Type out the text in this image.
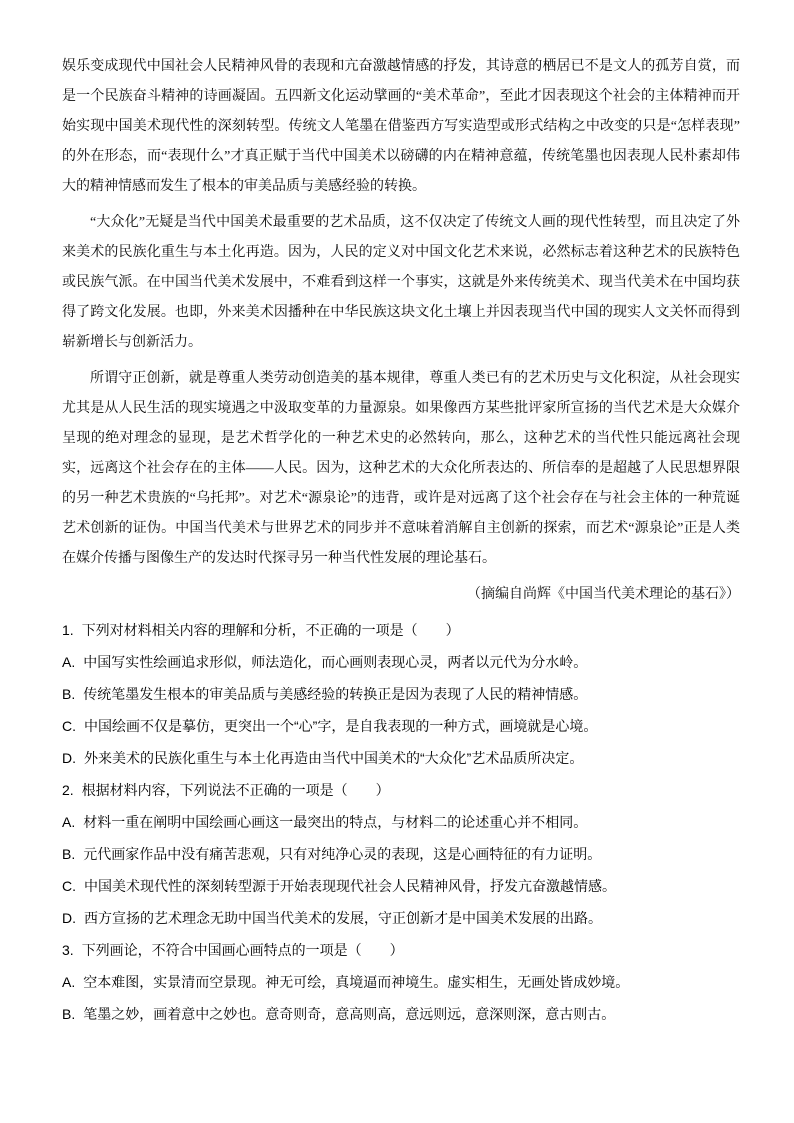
娱乐变成现代中国社会人民精神风骨的表现和亢奋激越情感的抒发，其诗意的栖居已不是文人的孤芳自赏，而是一个民族奋斗精神的诗画凝固。五四新文化运动擘画的“美术革命”，至此才因表现这个社会的主体精神而开始实现中国美术现代性的深刻转型。传统文人笔墨在借鉴西方写实造型或形式结构之中改变的只是“怎样表现”的外在形态，而“表现什么”才真正赋于当代中国美术以磅礴的内在精神意蕴，传统笔墨也因表现人民朴素却伟大的精神情感而发生了根本的审美品质与美感经验的转换。

“大众化”无疑是当代中国美术最重要的艺术品质，这不仅决定了传统文人画的现代性转型，而且决定了外来美术的民族化重生与本土化再造。因为，人民的定义对中国文化艺术来说，必然标志着这种艺术的民族特色或民族气派。在中国当代美术发展中，不难看到这样一个事实，这就是外来传统美术、现当代美术在中国均获得了跨文化发展。也即，外来美术因播种在中华民族这块文化土壤上并因表现当代中国的现实人文关怀而得到崭新增长与创新活力。

所谓守正创新，就是尊重人类劳动创造美的基本规律，尊重人类已有的艺术历史与文化积淀，从社会现实尤其是从人民生活的现实境遇之中汲取变革的力量源泉。如果像西方某些批评家所宣扬的当代艺术是大众媒介呈现的绝对理念的显现，是艺术哲学化的一种艺术史的必然转向，那么，这种艺术的当代性只能远离社会现实，远离这个社会存在的主体——人民。因为，这种艺术的大众化所表达的、所信奉的是超越了人民思想界限的另一种艺术贵族的“乌托邦”。对艺术“源泉论”的违背，或许是对远离了这个社会存在与社会主体的一种荒诞艺术创新的证伪。中国当代美术与世界艺术的同步并不意味着消解自主创新的探索，而艺术“源泉论”正是人类在媒介传播与图像生产的发达时代探寻另一种当代性发展的理论基石。

（摘编自尚辉《中国当代美术理论的基石》）

1. 下列对材料相关内容的理解和分析，不正确的一项是（　　）
A. 中国写实性绘画追求形似，师法造化，而心画则表现心灵，两者以元代为分水岭。
B. 传统笔墨发生根本的审美品质与美感经验的转换正是因为表现了人民的精神情感。
C. 中国绘画不仅是摹仿，更突出一个“心”字，是自我表现的一种方式，画境就是心境。
D. 外来美术的民族化重生与本土化再造由当代中国美术的“大众化”艺术品质所决定。
2. 根据材料内容，下列说法不正确的一项是（　　）
A. 材料一重在阐明中国绘画心画这一最突出的特点，与材料二的论述重心并不相同。
B. 元代画家作品中没有痛苦悲观，只有对纯净心灵的表现，这是心画特征的有力证明。
C. 中国美术现代性的深刻转型源于开始表现现代社会人民精神风骨，抒发亢奋激越情感。
D. 西方宣扬的艺术理念无助中国当代美术的发展，守正创新才是中国美术发展的出路。
3. 下列画论，不符合中国画心画特点的一项是（　　）
A. 空本难图，实景清而空景现。神无可绘，真境逼而神境生。虚实相生，无画处皆成妙境。
B. 笔墨之妙，画着意中之妙也。意奇则奇，意高则高，意远则远，意深则深，意古则古。
